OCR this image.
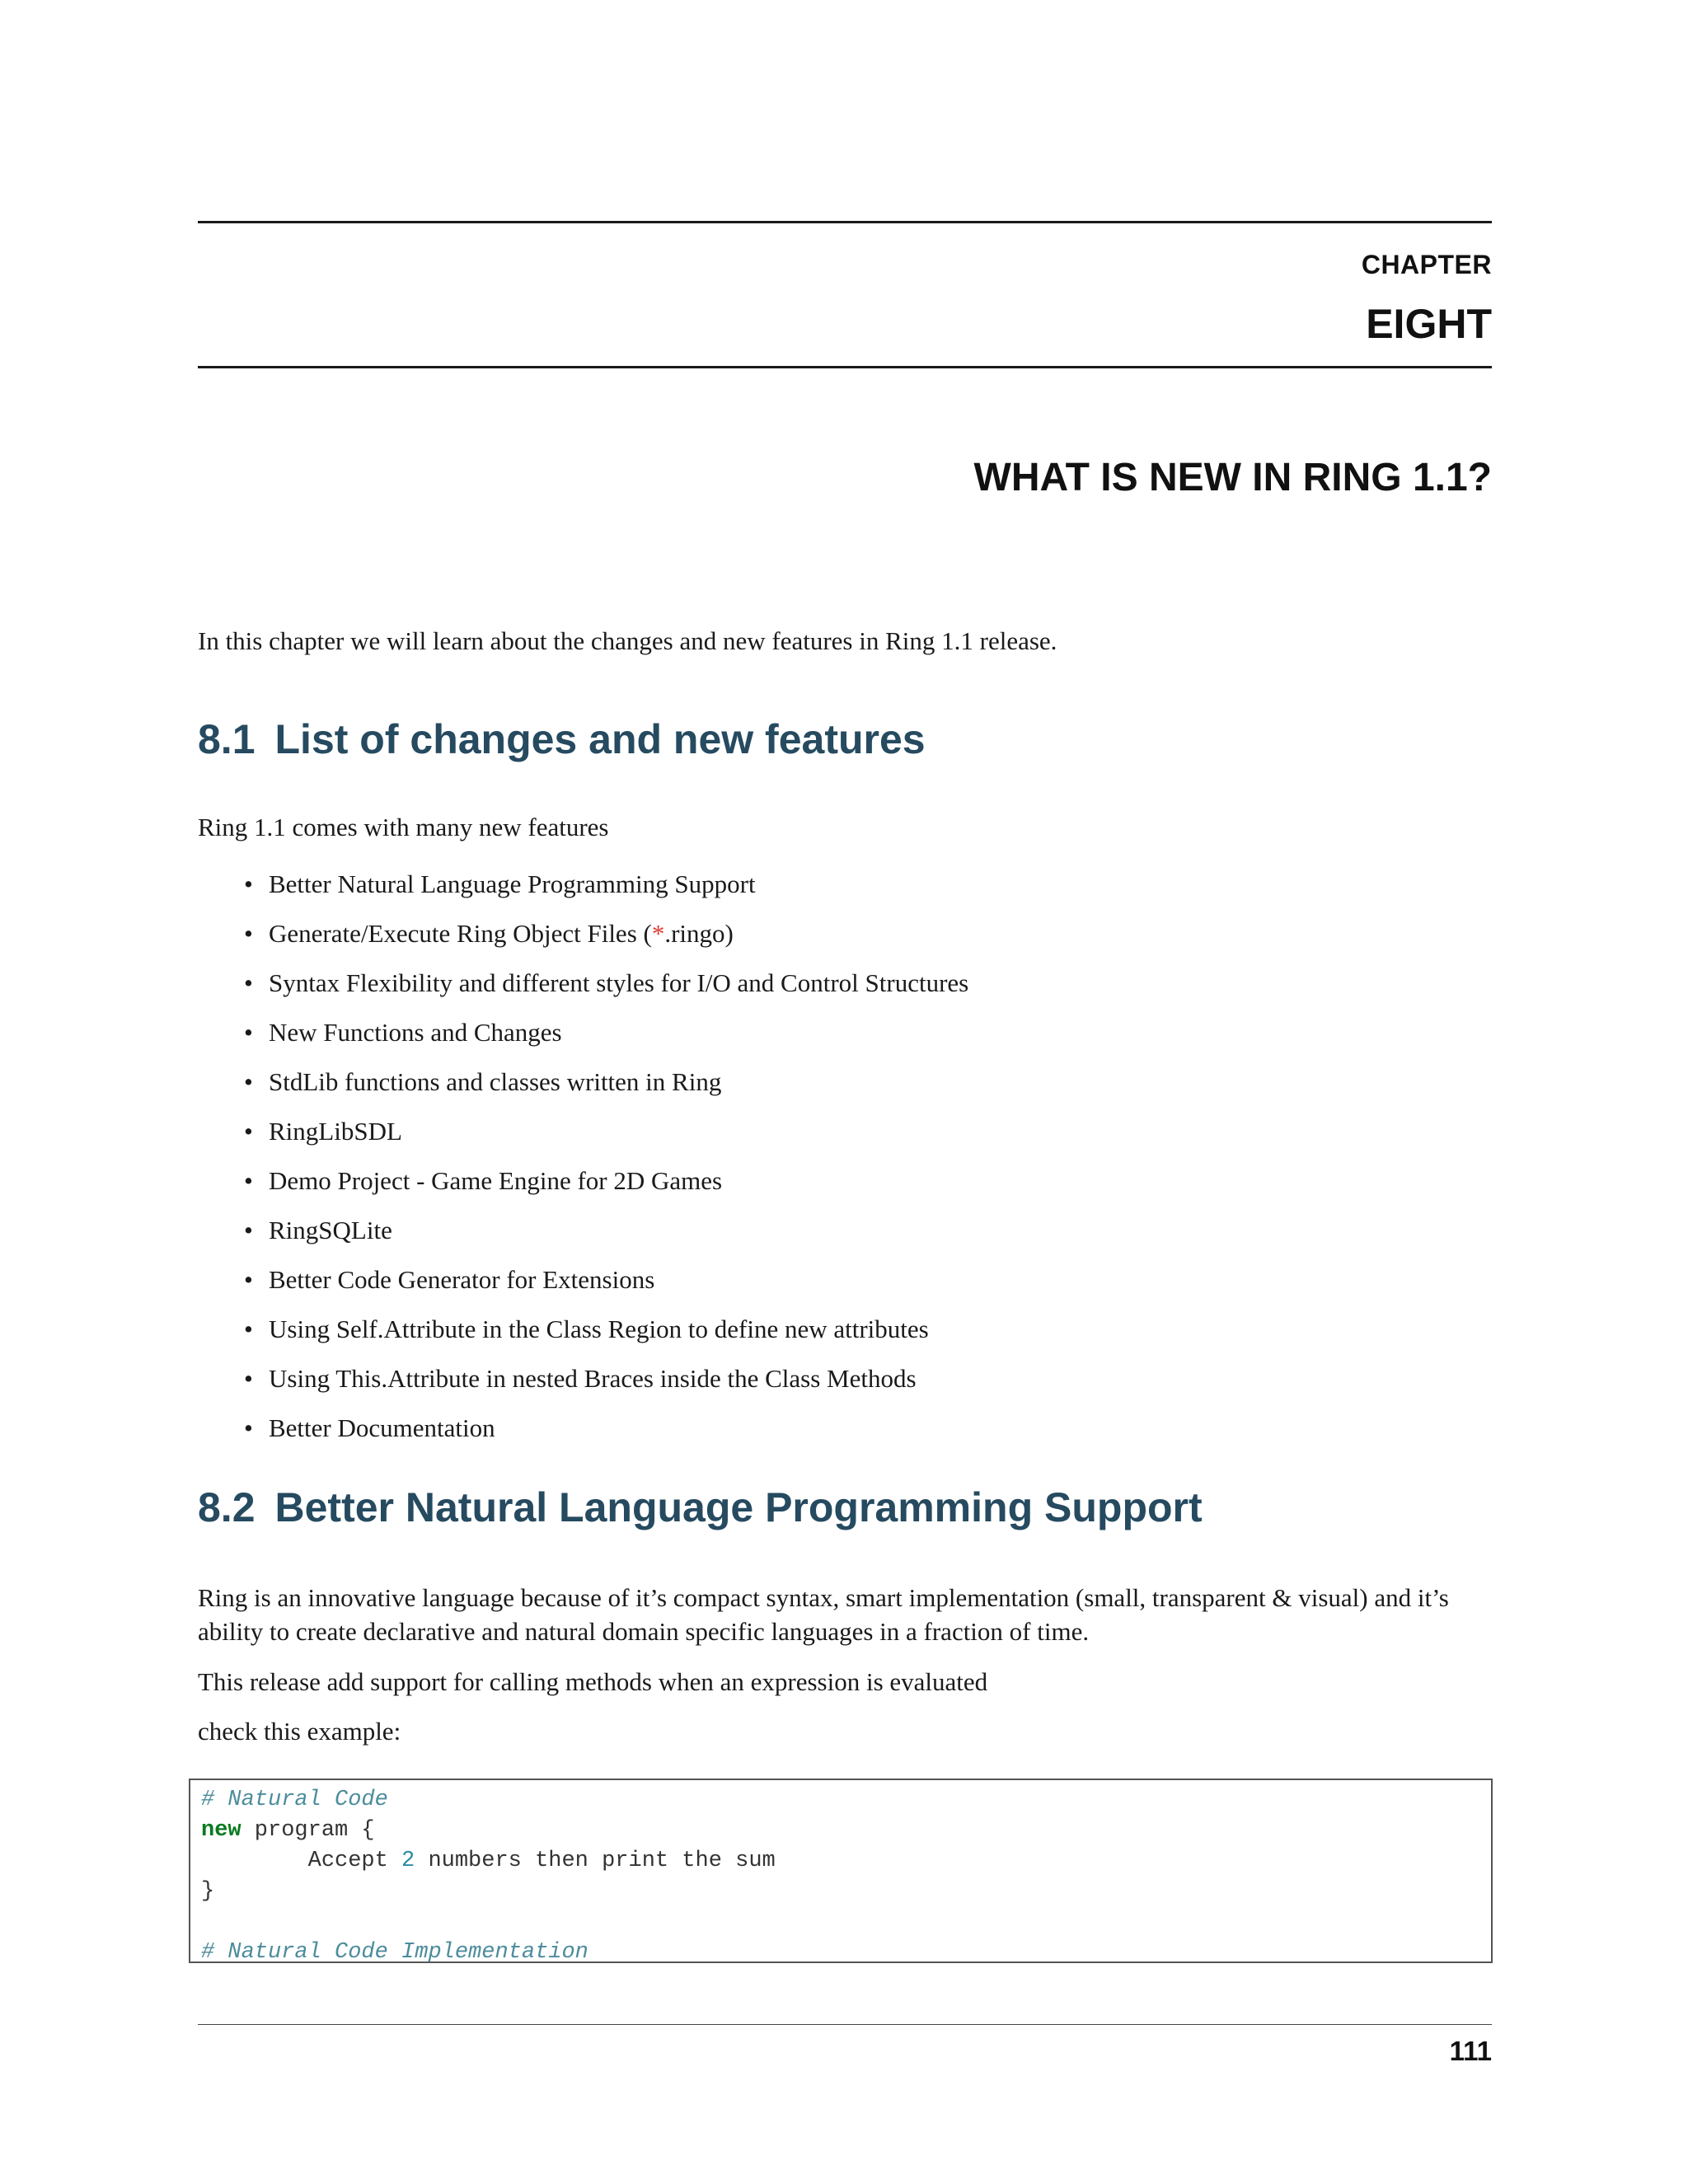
CHAPTER
EIGHT
WHAT IS NEW IN RING 1.1?
In this chapter we will learn about the changes and new features in Ring 1.1 release.
8.1 List of changes and new features
Ring 1.1 comes with many new features
• Better Natural Language Programming Support
• Generate/Execute Ring Object Files (*.ringo)
• Syntax Flexibility and different styles for I/O and Control Structures
• New Functions and Changes
• StdLib functions and classes written in Ring
• RingLibSDL
• Demo Project - Game Engine for 2D Games
• RingSQLite
• Better Code Generator for Extensions
• Using Self.Attribute in the Class Region to define new attributes
• Using This.Attribute in nested Braces inside the Class Methods
• Better Documentation
8.2 Better Natural Language Programming Support
Ring is an innovative language because of it’s compact syntax, smart implementation (small, transparent & visual) and it’s ability to create declarative and natural domain specific languages in a fraction of time.
This release add support for calling methods when an expression is evaluated
check this example:
# Natural Code
new program {
Accept 2 numbers then print the sum
}

# Natural Code Implementation
111
